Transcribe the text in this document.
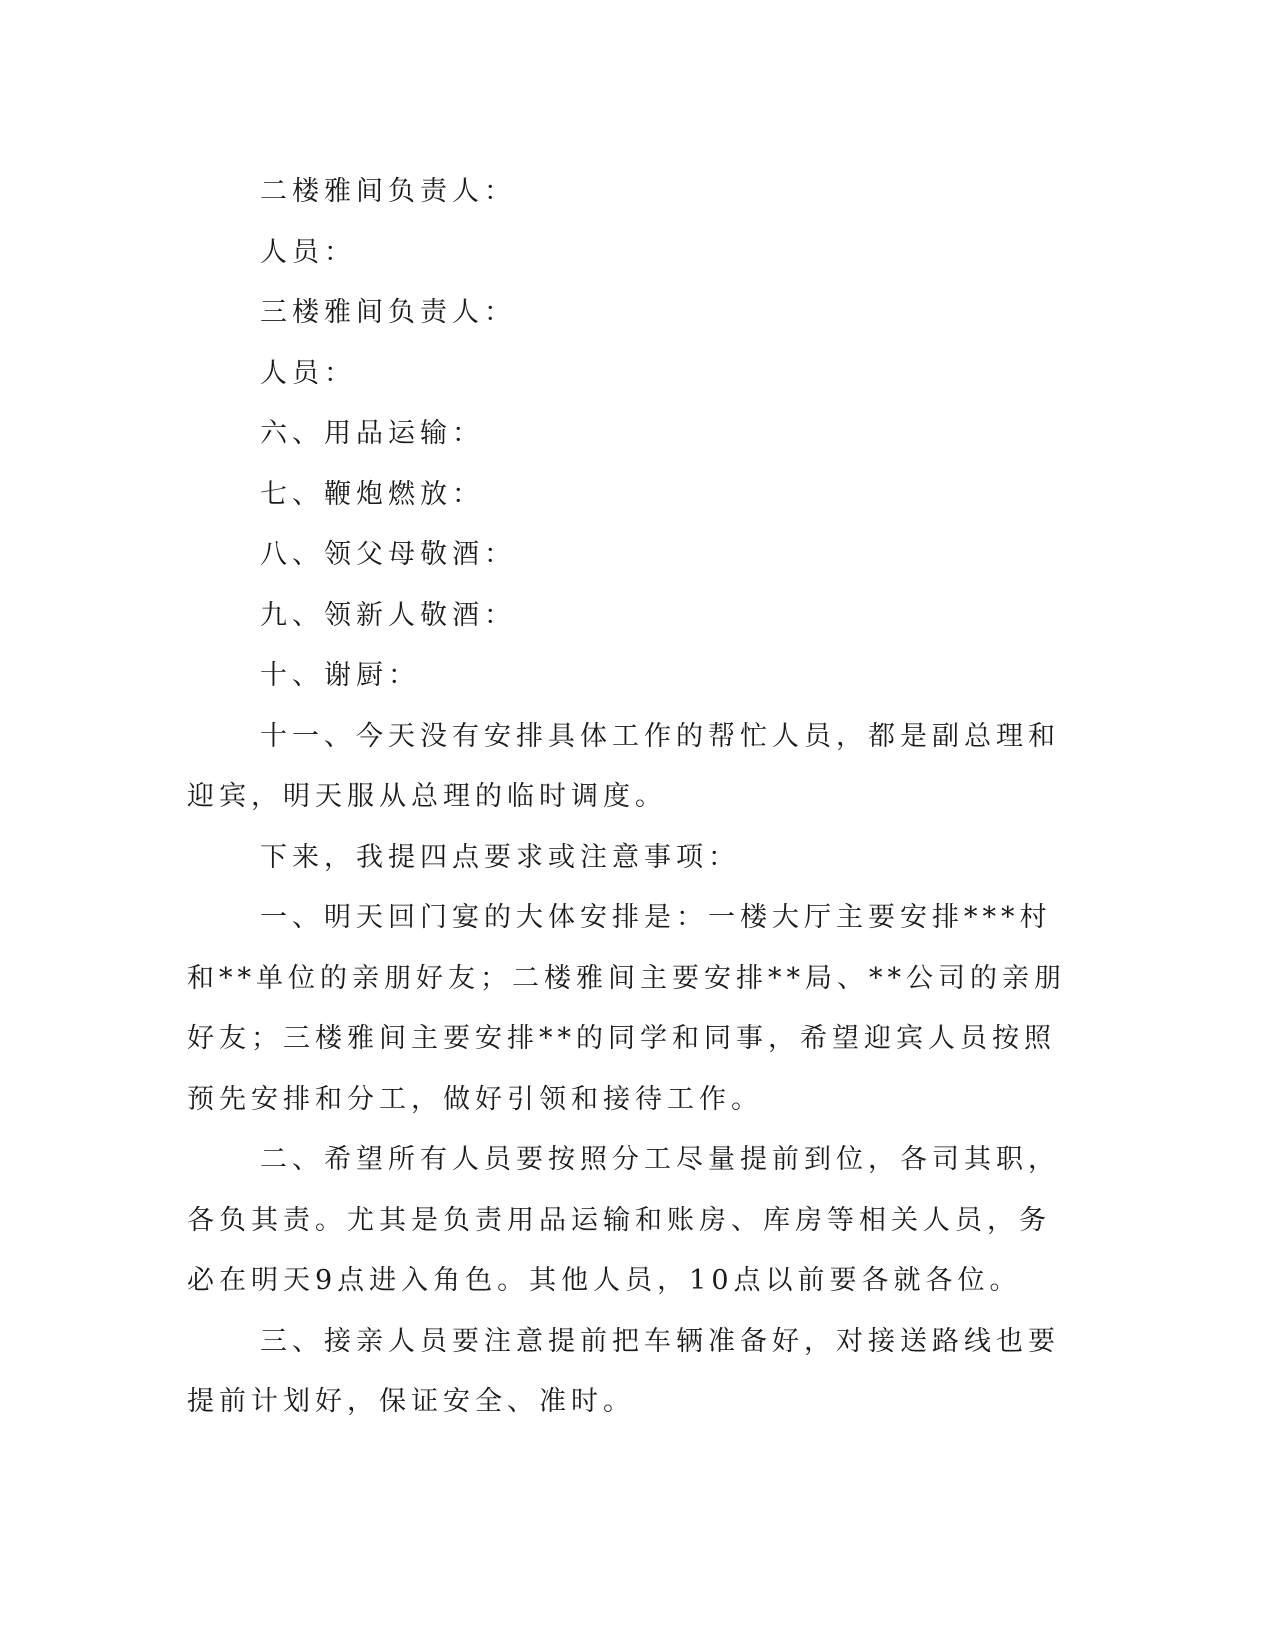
二楼雅间负责人：

人员：

三楼雅间负责人：

人员：

六、用品运输：

七、鞭炮燃放：

八、领父母敬酒：

九、领新人敬酒：

十、谢厨：

十一、今天没有安排具体工作的帮忙人员，都是副总理和迎宾，明天服从总理的临时调度。

下来，我提四点要求或注意事项：

一、明天回门宴的大体安排是：一楼大厅主要安排***村和**单位的亲朋好友；二楼雅间主要安排**局、**公司的亲朋好友；三楼雅间主要安排**的同学和同事，希望迎宾人员按照预先安排和分工，做好引领和接待工作。

二、希望所有人员要按照分工尽量提前到位，各司其职，各负其责。尤其是负责用品运输和账房、库房等相关人员，务必在明天9点进入角色。其他人员，10点以前要各就各位。

三、接亲人员要注意提前把车辆准备好，对接送路线也要提前计划好，保证安全、准时。
